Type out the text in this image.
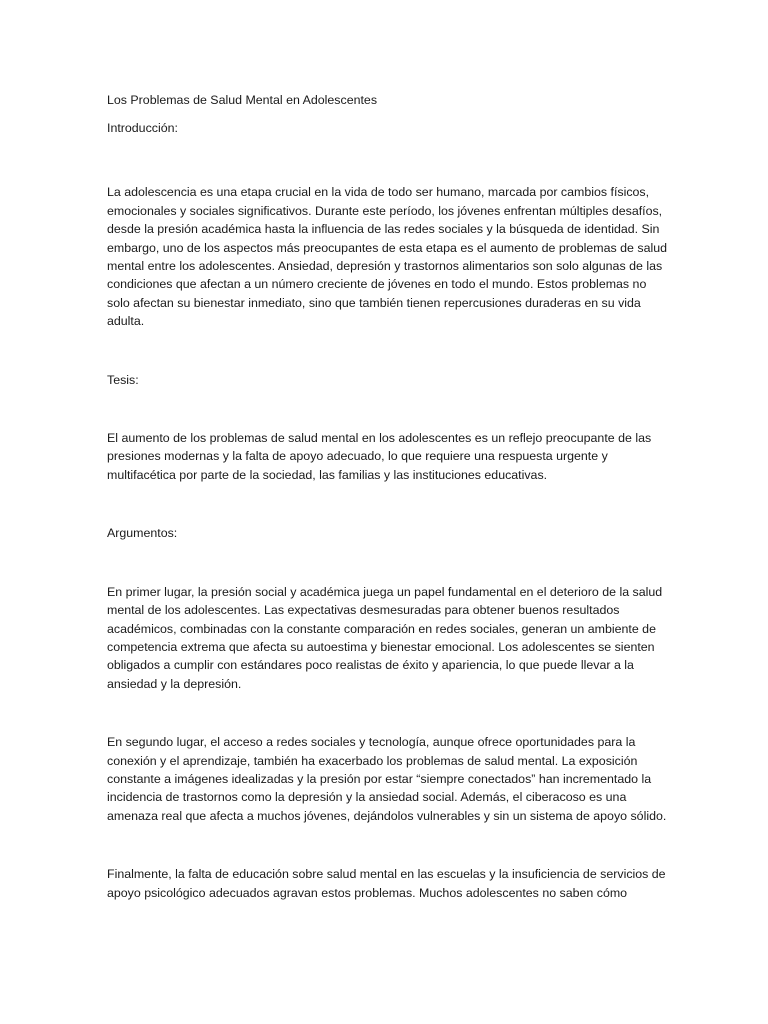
Los Problemas de Salud Mental en Adolescentes

Introducción:

La adolescencia es una etapa crucial en la vida de todo ser humano, marcada por cambios físicos, emocionales y sociales significativos. Durante este período, los jóvenes enfrentan múltiples desafíos, desde la presión académica hasta la influencia de las redes sociales y la búsqueda de identidad. Sin embargo, uno de los aspectos más preocupantes de esta etapa es el aumento de problemas de salud mental entre los adolescentes. Ansiedad, depresión y trastornos alimentarios son solo algunas de las condiciones que afectan a un número creciente de jóvenes en todo el mundo. Estos problemas no solo afectan su bienestar inmediato, sino que también tienen repercusiones duraderas en su vida adulta.

Tesis:

El aumento de los problemas de salud mental en los adolescentes es un reflejo preocupante de las presiones modernas y la falta de apoyo adecuado, lo que requiere una respuesta urgente y multifacética por parte de la sociedad, las familias y las instituciones educativas.

Argumentos:

En primer lugar, la presión social y académica juega un papel fundamental en el deterioro de la salud mental de los adolescentes. Las expectativas desmesuradas para obtener buenos resultados académicos, combinadas con la constante comparación en redes sociales, generan un ambiente de competencia extrema que afecta su autoestima y bienestar emocional. Los adolescentes se sienten obligados a cumplir con estándares poco realistas de éxito y apariencia, lo que puede llevar a la ansiedad y la depresión.

En segundo lugar, el acceso a redes sociales y tecnología, aunque ofrece oportunidades para la conexión y el aprendizaje, también ha exacerbado los problemas de salud mental. La exposición constante a imágenes idealizadas y la presión por estar “siempre conectados” han incrementado la incidencia de trastornos como la depresión y la ansiedad social. Además, el ciberacoso es una amenaza real que afecta a muchos jóvenes, dejándolos vulnerables y sin un sistema de apoyo sólido.

Finalmente, la falta de educación sobre salud mental en las escuelas y la insuficiencia de servicios de apoyo psicológico adecuados agravan estos problemas. Muchos adolescentes no saben cómo
